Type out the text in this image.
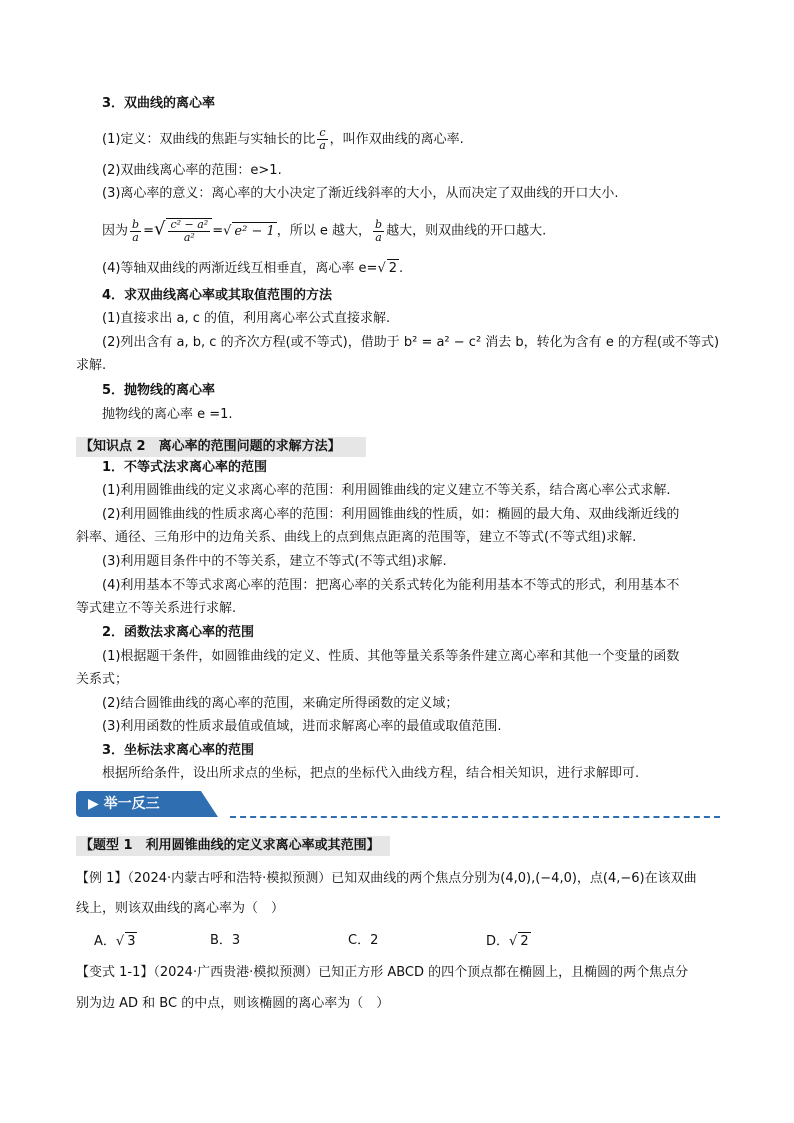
3．双曲线的离心率
(1)定义：双曲线的焦距与实轴长的比 $\frac{c}{a}$ ，叫作双曲线的离心率.
(2)双曲线离心率的范围：e>1.
(3)离心率的意义：离心率的大小决定了渐近线斜率的大小，从而决定了双曲线的开口大小.
因为 $\frac{b}{a}$ =√ $\frac{\text{c² − a²}}{\text{a²}}$ =√ e² − 1 ，所以 e 越大， $\frac{b}{a}$ 越大，则双曲线的开口越大.
(4)等轴双曲线的两渐近线互相垂直，离心率 e=√ 2 .
4．求双曲线离心率或其取值范围的方法
(1)直接求出 a, c 的值，利用离心率公式直接求解.
(2)列出含有 a, b, c 的齐次方程(或不等式)，借助于 b² = a² − c² 消去 b，转化为含有 e 的方程(或不等式)
求解.
5．抛物线的离心率
抛物线的离心率 e =1.
【知识点 2　离心率的范围问题的求解方法】
1．不等式法求离心率的范围
(1)利用圆锥曲线的定义求离心率的范围：利用圆锥曲线的定义建立不等关系，结合离心率公式求解.
(2)利用圆锥曲线的性质求离心率的范围：利用圆锥曲线的性质，如：椭圆的最大角、双曲线渐近线的
斜率、通径、三角形中的边角关系、曲线上的点到焦点距离的范围等，建立不等式(不等式组)求解.
(3)利用题目条件中的不等关系，建立不等式(不等式组)求解.
(4)利用基本不等式求离心率的范围：把离心率的关系式转化为能利用基本不等式的形式，利用基本不
等式建立不等关系进行求解.
2．函数法求离心率的范围
(1)根据题干条件，如圆锥曲线的定义、性质、其他等量关系等条件建立离心率和其他一个变量的函数
关系式；
(2)结合圆锥曲线的离心率的范围，来确定所得函数的定义域；
(3)利用函数的性质求最值或值域，进而求解离心率的最值或取值范围.
3．坐标法求离心率的范围
根据所给条件，设出所求点的坐标，把点的坐标代入曲线方程，结合相关知识，进行求解即可.
▶ 举一反三
【题型 1　利用圆锥曲线的定义求离心率或其范围】
【例 1】（2024·内蒙古呼和浩特·模拟预测）已知双曲线的两个焦点分别为(4,0),(−4,0)，点(4,−6)在该双曲
线上，则该双曲线的离心率为（　）
A．√ 3	B．3	C．2	D．√ 2
【变式 1-1】（2024·广西贵港·模拟预测）已知正方形 ABCD 的四个顶点都在椭圆上，且椭圆的两个焦点分
别为边 AD 和 BC 的中点，则该椭圆的离心率为（　）
